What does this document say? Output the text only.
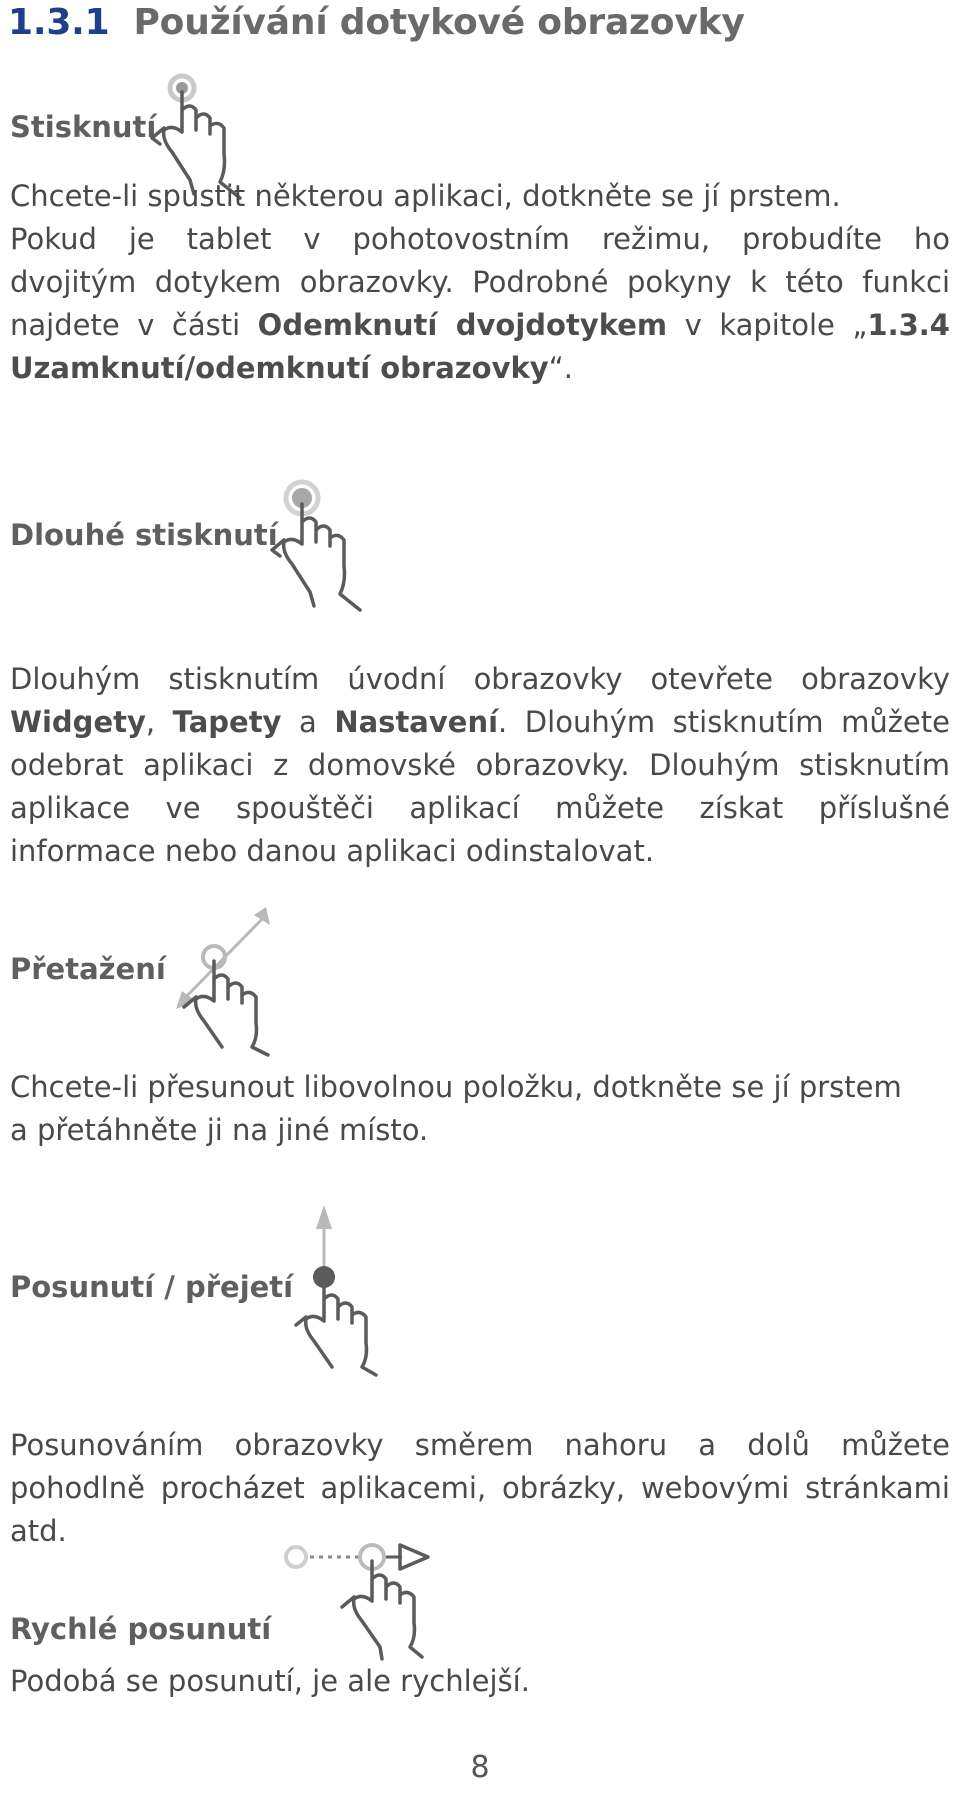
1.3.1 Používání dotykové obrazovky
Stisknutí
Chcete-li spustit některou aplikaci, dotkněte se jí prstem.
Pokud je tablet v pohotovostním režimu, probudíte ho
dvojitým dotykem obrazovky. Podrobné pokyny k této funkci
najdete v části Odemknutí dvojdotykem v kapitole „1.3.4
Uzamknutí/odemknutí obrazovky“.
Dlouhé stisknutí
Dlouhým stisknutím úvodní obrazovky otevřete obrazovky
Widgety, Tapety a Nastavení. Dlouhým stisknutím můžete
odebrat aplikaci z domovské obrazovky. Dlouhým stisknutím
aplikace ve spouštěči aplikací můžete získat příslušné
informace nebo danou aplikaci odinstalovat.
Přetažení
Chcete-li přesunout libovolnou položku, dotkněte se jí prstem
a přetáhněte ji na jiné místo.
Posunutí / přejetí
Posunováním obrazovky směrem nahoru a dolů můžete
pohodlně procházet aplikacemi, obrázky, webovými stránkami
atd.
Rychlé posunutí
Podobá se posunutí, je ale rychlejší.
8
